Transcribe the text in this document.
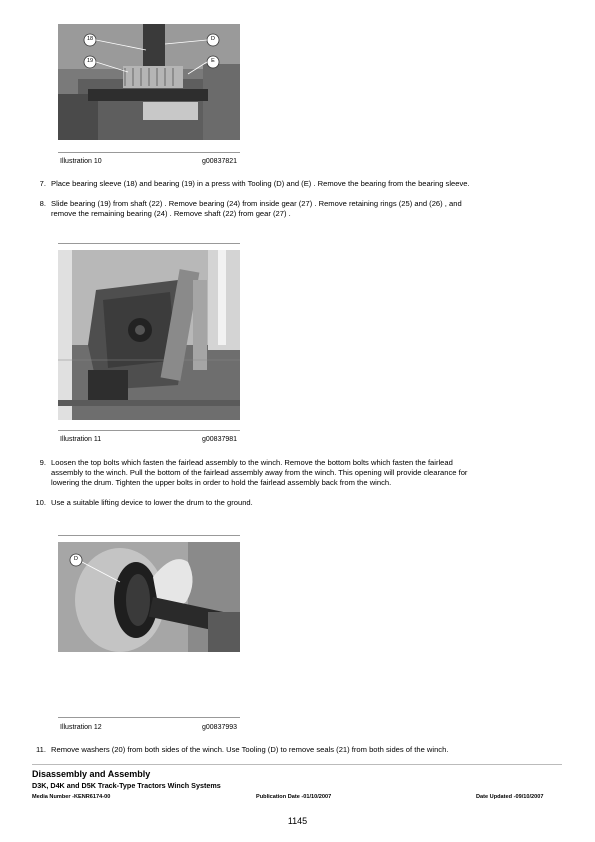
18
19
D
E
Illustration 10	g00837821
7. Place bearing sleeve (18) and bearing (19) in a press with Tooling (D) and (E) . Remove the bearing from the bearing sleeve.
8. Slide bearing (19) from shaft (22) . Remove bearing (24) from inside gear (27) . Remove retaining rings (25) and (26) , and
remove the remaining bearing (24) . Remove shaft (22) from gear (27) .
Illustration 11	g00837981
9. Loosen the top bolts which fasten the fairlead assembly to the winch. Remove the bottom bolts which fasten the fairlead
assembly to the winch. Pull the bottom of the fairlead assembly away from the winch. This opening will provide clearance for
lowering the drum. Tighten the upper bolts in order to hold the fairlead assembly back from the winch.
10. Use a suitable lifting device to lower the drum to the ground.
D
Illustration 12	g00837993
11. Remove washers (20) from both sides of the winch. Use Tooling (D) to remove seals (21) from both sides of the winch.
Disassembly and Assembly
D3K, D4K and D5K Track-Type Tractors Winch Systems
Media Number -KENR6174-00	Publication Date -01/10/2007	Date Updated -09/10/2007
1145
